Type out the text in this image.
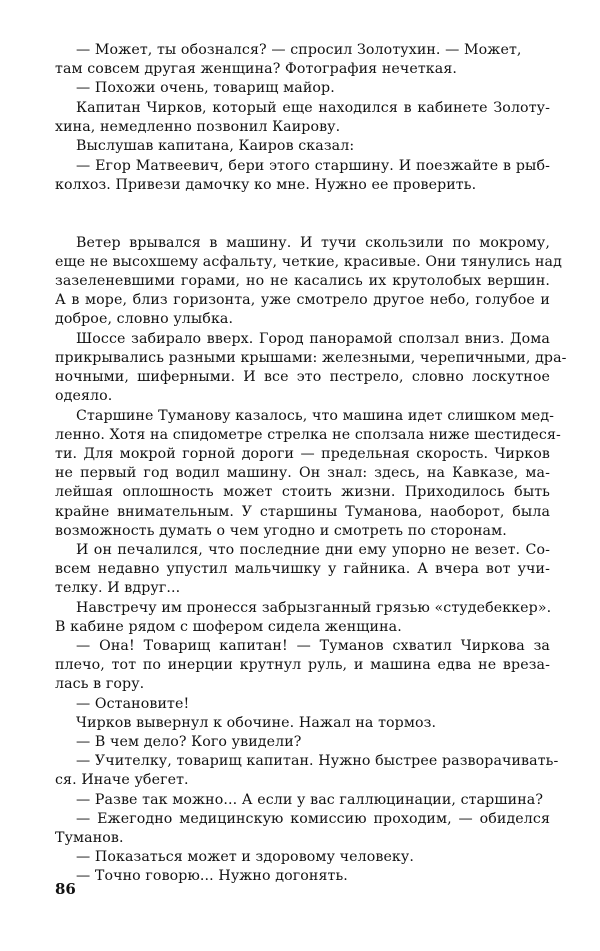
— Может, ты обознался? — спросил Золотухин. — Может,
там совсем другая женщина? Фотография нечеткая.
— Похожи очень, товарищ майор.
Капитан Чирков, который еще находился в кабинете Золоту-
хина, немедленно позвонил Каирову.
Выслушав капитана, Каиров сказал:
— Егор Матвеевич, бери этого старшину. И поезжайте в рыб-
колхоз. Привези дамочку ко мне. Нужно ее проверить.
Ветер врывался в машину. И тучи скользили по мокрому,
еще не высохшему асфальту, четкие, красивые. Они тянулись над
зазеленевшими горами, но не касались их крутолобых вершин.
А в море, близ горизонта, уже смотрело другое небо, голубое и
доброе, словно улыбка.
Шоссе забирало вверх. Город панорамой сползал вниз. Дома
прикрывались разными крышами: железными, черепичными, дра-
ночными, шиферными. И все это пестрело, словно лоскутное
одеяло.
Старшине Туманову казалось, что машина идет слишком мед-
ленно. Хотя на спидометре стрелка не сползала ниже шестидеся-
ти. Для мокрой горной дороги — предельная скорость. Чирков
не первый год водил машину. Он знал: здесь, на Кавказе, ма-
лейшая оплошность может стоить жизни. Приходилось быть
крайне внимательным. У старшины Туманова, наоборот, была
возможность думать о чем угодно и смотреть по сторонам.
И он печалился, что последние дни ему упорно не везет. Со-
всем недавно упустил мальчишку у гайника. А вчера вот учи-
телку. И вдруг...
Навстречу им пронесся забрызганный грязью «студебеккер».
В кабине рядом с шофером сидела женщина.
— Она! Товарищ капитан! — Туманов схватил Чиркова за
плечо, тот по инерции крутнул руль, и машина едва не вреза-
лась в гору.
— Остановите!
Чирков вывернул к обочине. Нажал на тормоз.
— В чем дело? Кого увидели?
— Учителку, товарищ капитан. Нужно быстрее разворачивать-
ся. Иначе убегет.
— Разве так можно... А если у вас галлюцинации, старшина?
— Ежегодно медицинскую комиссию проходим, — обиделся
Туманов.
— Показаться может и здоровому человеку.
— Точно говорю... Нужно догонять.
86
